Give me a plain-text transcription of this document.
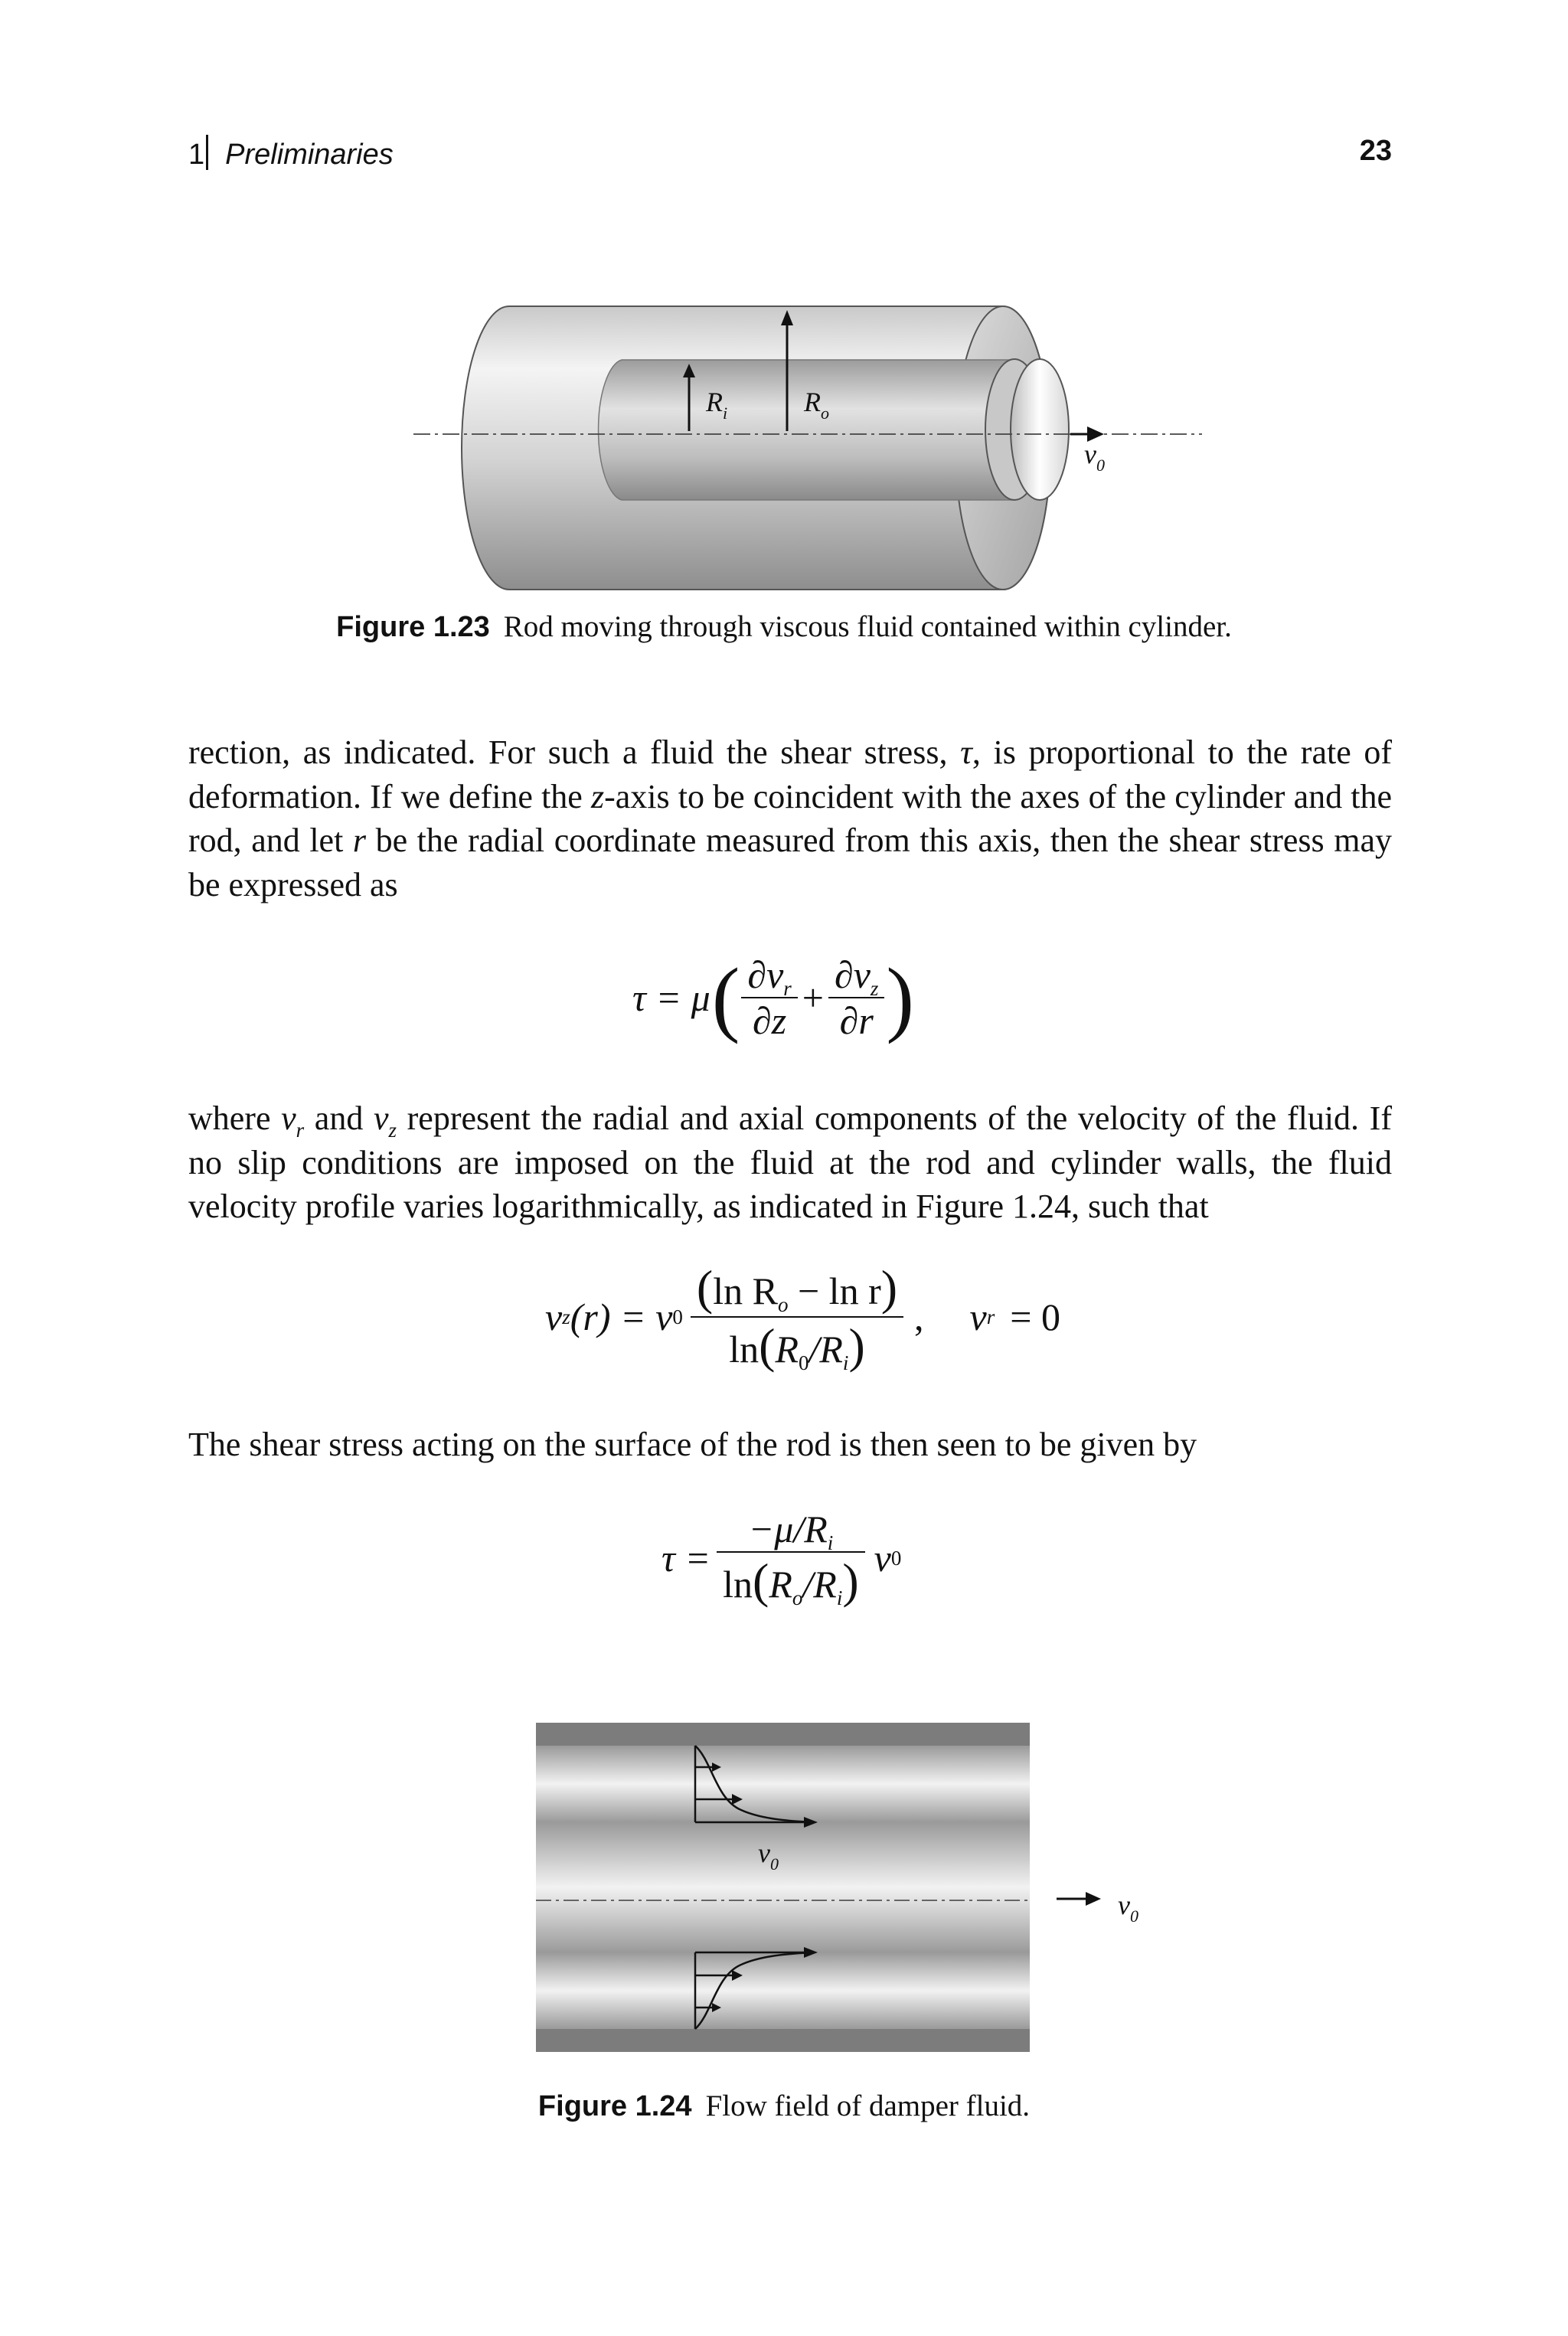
1 Preliminaries	23
$R_i$	$R_o$
$v_0$
Figure 1.23 Rod moving through viscous fluid contained within cylinder.
rection, as indicated. For such a fluid the shear stress, τ, is proportional to the rate of deformation. If we define the z-axis to be coincident with the axes of the cylinder and the rod, and let r be the radial coordinate measured from this axis, then the shear stress may be expressed as
τ = μ ( $\frac{\partial v_r}{\partial z} + \frac{\partial v_z}{\partial r}$ )
where $v_r$ and $v_z$ represent the radial and axial components of the velocity of the fluid. If no slip conditions are imposed on the fluid at the rod and cylinder walls, the fluid velocity profile varies logarithmically, as indicated in Figure 1.24, such that
v z (r) = v $0 \frac{(\ln R_o - \ln r)}{\ln(R_0/R_i)}$ , v r = 0
The shear stress acting on the surface of the rod is then seen to be given by
$\tau = \frac{-\mu/R_i}{\ln(R_o/R_i)}$ v 0
$v_0$
$v_0$
Figure 1.24 Flow field of damper fluid.
